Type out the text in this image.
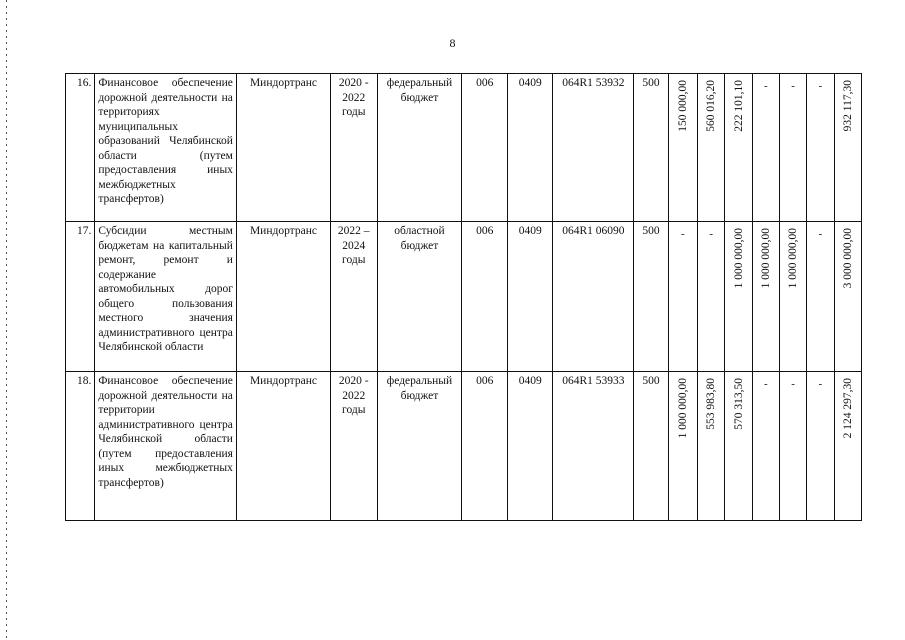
8
16.	Финансовое обеспечение дорожной деятельности на территориях муниципальных образований Челябинской области (путем предоставления иных межбюджетных трансфертов)	Миндортранс	2020 - 2022 годы	федеральный бюджет	006	0409	064R1 53932	500	150 000,00	560 016,20	222 101,10	-	-	-	932 117,30

17.	Субсидии местным бюджетам на капитальный ремонт, ремонт и содержание автомобильных дорог общего пользования местного значения административного центра Челябинской области	Миндортранс	2022 – 2024 годы	областной бюджет	006	0409	064R1 06090	500	-	-	1 000 000,00	1 000 000,00	1 000 000,00	-	3 000 000,00

18.	Финансовое обеспечение дорожной деятельности на территории административного центра Челябинской области (путем предоставления иных межбюджетных трансфертов)	Миндортранс	2020 - 2022 годы	федеральный бюджет	006	0409	064R1 53933	500	1 000 000,00	553 983,80	570 313,50	-	-	-	2 124 297,30
